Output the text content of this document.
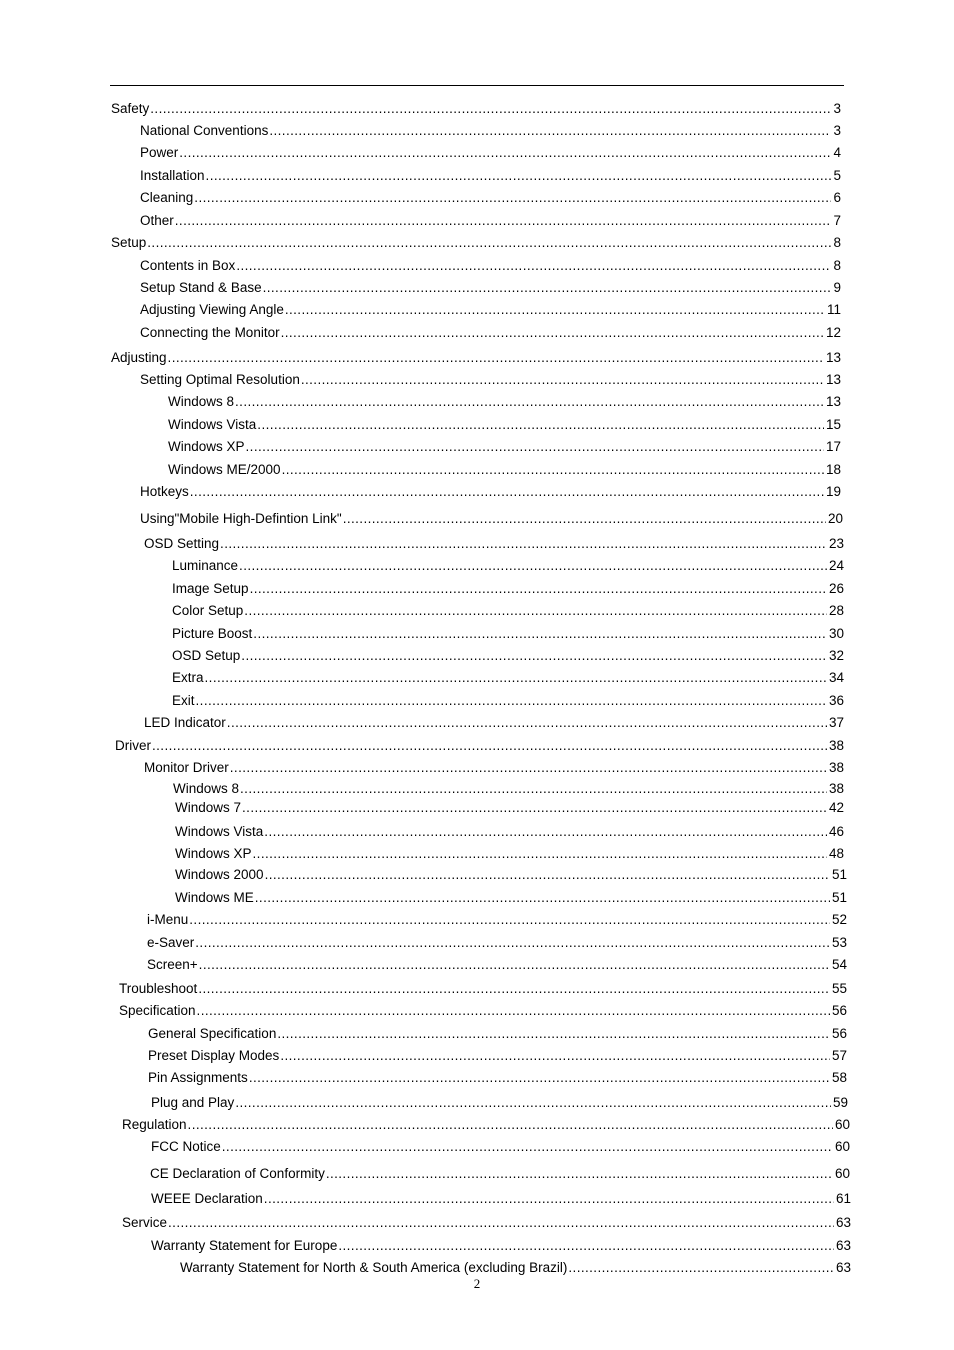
Safety .....	3
National Conventions .....	3
Power .....	4
Installation .....	5
Cleaning .....	6
Other .....	7
Setup .....	8
Contents in Box .....	8
Setup Stand & Base .....	9
Adjusting Viewing Angle .....	11
Connecting the Monitor .....	12
Adjusting .....	13
Setting Optimal Resolution .....	13
Windows 8 .....	13
Windows Vista .....	15
Windows XP .....	17
Windows ME/2000 .....	18
Hotkeys .....	19
Using"Mobile High-Defintion Link" .....	20
OSD Setting .....	23
Luminance .....	24
Image Setup .....	26
Color Setup .....	28
Picture Boost .....	30
OSD Setup .....	32
Extra .....	34
Exit .....	36
LED Indicator .....	37
Driver .....	38
Monitor Driver .....	38
Windows 8 .....	38
Windows 7 .....	42
Windows Vista .....	46
Windows XP .....	48
Windows 2000 .....	51
Windows ME .....	51
i-Menu .....	52
e-Saver .....	53
Screen+ .....	54
Troubleshoot .....	55
Specification .....	56
General Specification .....	56
Preset Display Modes .....	57
Pin Assignments .....	58
Plug and Play .....	59
Regulation .....	60
FCC Notice .....	60
CE Declaration of Conformity .....	60
WEEE Declaration .....	61
Service .....	63
Warranty Statement for Europe .....	63
Warranty Statement for North & South America (excluding Brazil) .....	63
2
